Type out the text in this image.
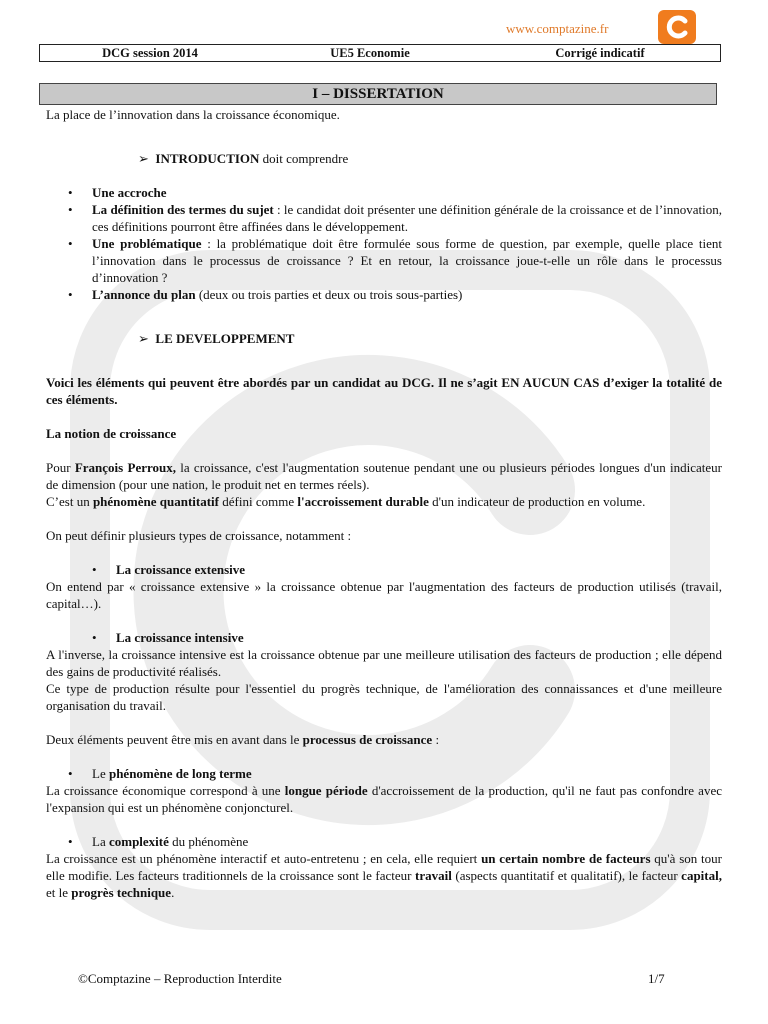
www.comptazine.fr
DCG session 2014	UE5 Economie	Corrigé indicatif
I – DISSERTATION

La place de l’innovation dans la croissance économique.

➢ INTRODUCTION doit comprendre

• Une accroche
• La définition des termes du sujet : le candidat doit présenter une définition générale de la croissance et de l’innovation, ces définitions pourront être affinées dans le développement.
• Une problématique : la problématique doit être formulée sous forme de question, par exemple, quelle place tient l’innovation dans le processus de croissance ? Et en retour, la croissance joue-t-elle un rôle dans le processus d’innovation ?
• L’annonce du plan (deux ou trois parties et deux ou trois sous-parties)

➢ LE DEVELOPPEMENT

Voici les éléments qui peuvent être abordés par un candidat au DCG. Il ne s’agit EN AUCUN CAS d’exiger la totalité de ces éléments.

La notion de croissance

Pour François Perroux, la croissance, c'est l'augmentation soutenue pendant une ou plusieurs périodes longues d'un indicateur de dimension (pour une nation, le produit net en termes réels).

C’est un phénomène quantitatif défini comme l'accroissement durable d'un indicateur de production en volume.

On peut définir plusieurs types de croissance, notamment :

• La croissance extensive

On entend par « croissance extensive » la croissance obtenue par l'augmentation des facteurs de production utilisés (travail, capital…).

• La croissance intensive

A l'inverse, la croissance intensive est la croissance obtenue par une meilleure utilisation des facteurs de production ; elle dépend des gains de productivité réalisés.

Ce type de production résulte pour l'essentiel du progrès technique, de l'amélioration des connaissances et d'une meilleure organisation du travail.

Deux éléments peuvent être mis en avant dans le processus de croissance :

• Le phénomène de long terme

La croissance économique correspond à une longue période d'accroissement de la production, qu'il ne faut pas confondre avec l'expansion qui est un phénomène conjoncturel.

• La complexité du phénomène

La croissance est un phénomène interactif et auto-entretenu ; en cela, elle requiert un certain nombre de facteurs qu'à son tour elle modifie. Les facteurs traditionnels de la croissance sont le facteur travail (aspects quantitatif et qualitatif), le facteur capital, et le progrès technique.

©Comptazine – Reproduction Interdite	1/7
